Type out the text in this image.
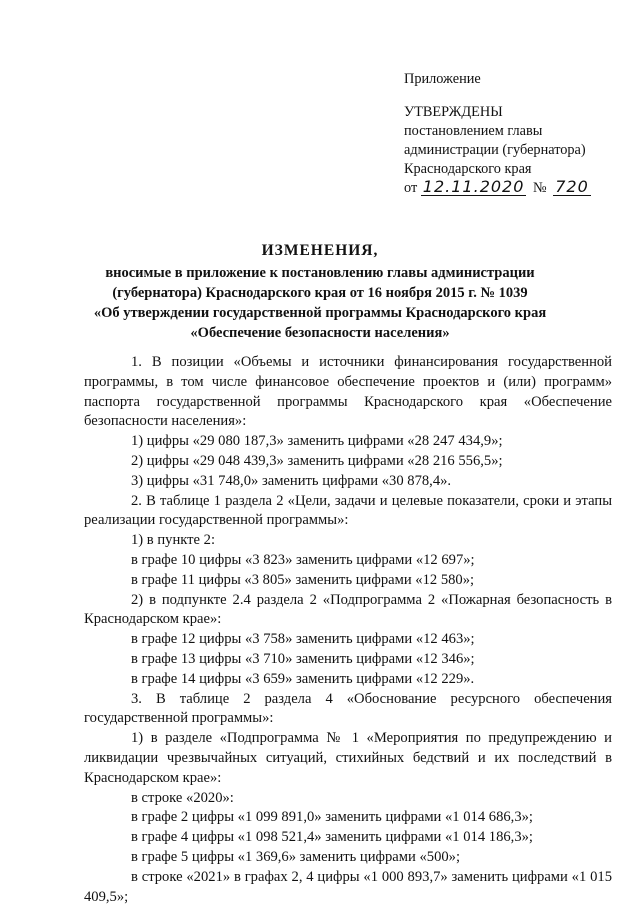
Приложение
УТВЕРЖДЕНЫ
постановлением главы
администрации (губернатора)
Краснодарского края
от 12.11.2020 № 720
ИЗМЕНЕНИЯ,
вносимые в приложение к постановлению главы администрации
(губернатора) Краснодарского края от 16 ноября 2015 г. № 1039
«Об утверждении государственной программы Краснодарского края
«Обеспечение безопасности населения»
1. В позиции «Объемы и источники финансирования государственной программы, в том числе финансовое обеспечение проектов и (или) программ» паспорта государственной программы Краснодарского края «Обеспечение безопасности населения»:
1) цифры «29 080 187,3» заменить цифрами «28 247 434,9»;
2) цифры «29 048 439,3» заменить цифрами «28 216 556,5»;
3) цифры «31 748,0» заменить цифрами «30 878,4».
2. В таблице 1 раздела 2 «Цели, задачи и целевые показатели, сроки и этапы реализации государственной программы»:
1) в пункте 2:
в графе 10 цифры «3 823» заменить цифрами «12 697»;
в графе 11 цифры «3 805» заменить цифрами «12 580»;
2) в подпункте 2.4 раздела 2 «Подпрограмма 2 «Пожарная безопасность в Краснодарском крае»:
в графе 12 цифры «3 758» заменить цифрами «12 463»;
в графе 13 цифры «3 710» заменить цифрами «12 346»;
в графе 14 цифры «3 659» заменить цифрами «12 229».
3. В таблице 2 раздела 4 «Обоснование ресурсного обеспечения государственной программы»:
1) в разделе «Подпрограмма № 1 «Мероприятия по предупреждению и ликвидации чрезвычайных ситуаций, стихийных бедствий и их последствий в Краснодарском крае»:
в строке «2020»:
в графе 2 цифры «1 099 891,0» заменить цифрами «1 014 686,3»;
в графе 4 цифры «1 098 521,4» заменить цифрами «1 014 186,3»;
в графе 5 цифры «1 369,6» заменить цифрами «500»;
в строке «2021» в графах 2, 4 цифры «1 000 893,7» заменить цифрами «1 015 409,5»;
